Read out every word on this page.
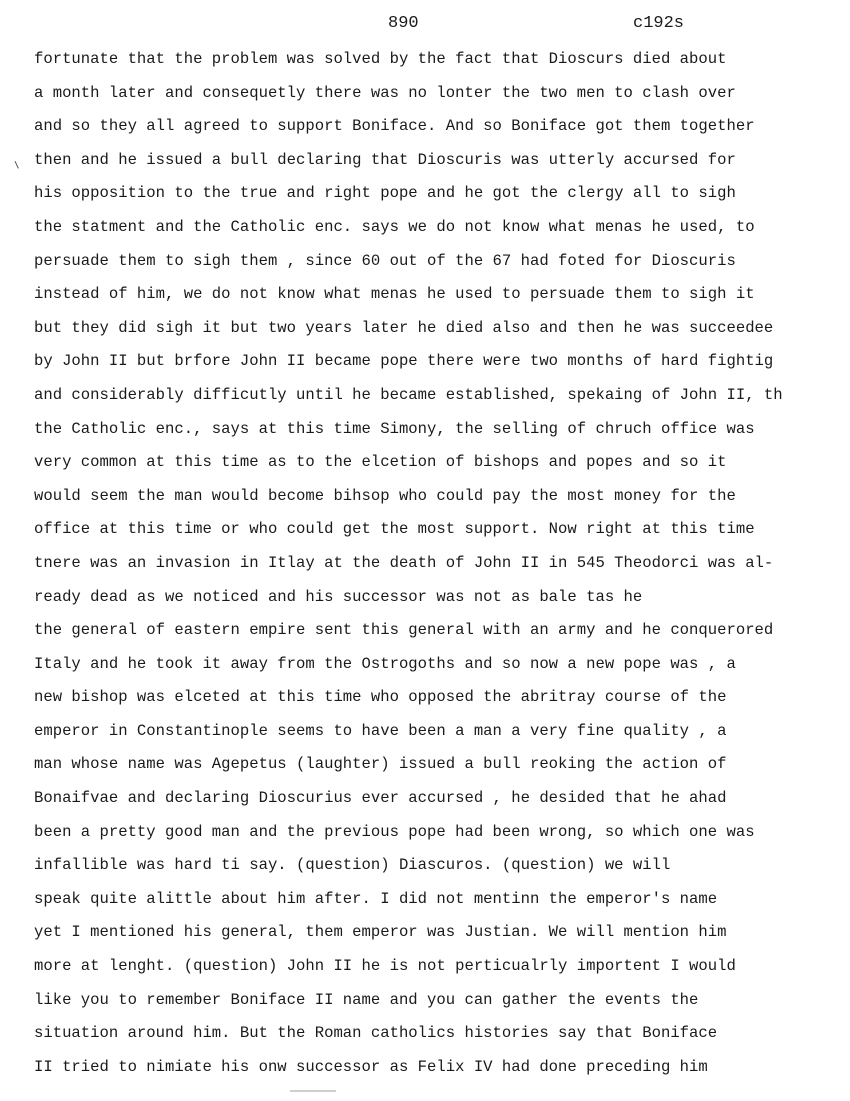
890	c192s
fortunate that the problem was solved by the fact that Dioscurs died about
a month later and consequetly there was no lonter the two men to clash over
and so they all agreed to support Boniface. And so Boniface got them together
then and he issued a bull declaring that Dioscuris was utterly accursed for
his opposition to the true and right pope and he got the clergy all to sigh
the statment and the Catholic enc. says we do not know what menas he used, to
persuade them to sigh them , since 60 out of the 67 had foted for Dioscuris
instead of him, we do not know what menas he used to persuade them to sigh it
but they did sigh it but two years later he died also and then he was succeedee
by John II but brfore John II became pope there were two months of hard fightig
and considerably difficutly until he became established, spekaing of John II, th
the Catholic enc., says at this time Simony, the selling of chruch office was
very common at this time as to the elcetion of bishops and popes and so it
would seem the man would become bihsop who could pay the most money for the
office at this time or who could get the most support. Now right at this time
tnere was an invasion in Itlay at the death of John II in 545 Theodorci was al-
ready dead as we noticed and his successor was not as bale tas he
the general of eastern empire sent this general with an army and he conquerored
Italy and he took it away from the Ostrogoths and so now a new pope was , a
new bishop was elceted at this time who opposed the abritray course of the
emperor in Constantinople seems to have been a man a very fine quality , a
man whose name was Agepetus (laughter) issued a bull reoking the action of
Bonaifvae and declaring Dioscurius ever accursed , he desided that he ahad
been a pretty good man and the previous pope had been wrong, so which one was
infallible was hard ti say. (question) Diascuros. (question) we will
speak quite alittle about him after. I did not mentinn the emperor's name
yet I mentioned his general, them emperor was Justian. We will mention him
more at lenght. (question) John II he is not perticualrly importent I would
like you to remember Boniface II name and you can gather the events the
situation around him. But the Roman catholics histories say that Boniface
II tried to nimiate his onw successor as Felix IV had done preceding him
